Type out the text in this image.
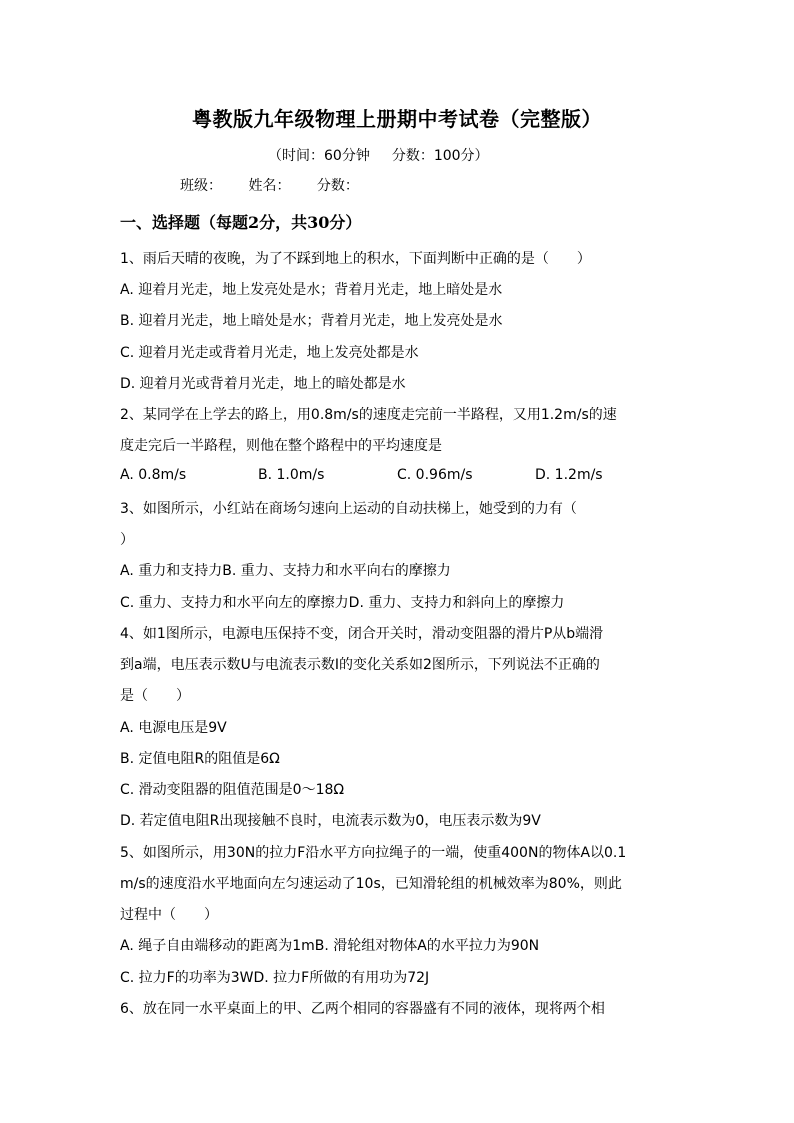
粤教版九年级物理上册期中考试卷（完整版）
（时间：60分钟 分数：100分）
班级： 姓名： 分数：
一、选择题（每题2分，共30分）
1、雨后天晴的夜晚，为了不踩到地上的积水，下面判断中正确的是（　　）
A. 迎着月光走，地上发亮处是水；背着月光走，地上暗处是水
B. 迎着月光走，地上暗处是水；背着月光走，地上发亮处是水
C. 迎着月光走或背着月光走，地上发亮处都是水
D. 迎着月光或背着月光走，地上的暗处都是水
2、某同学在上学去的路上，用0.8m/s的速度走完前一半路程，又用1.2m/s的速
度走完后一半路程，则他在整个路程中的平均速度是
A. 0.8m/s	B. 1.0m/s	C. 0.96m/s	D. 1.2m/s
3、如图所示，小红站在商场匀速向上运动的自动扶梯上，她受到的力有（
）
A. 重力和支持力B. 重力、支持力和水平向右的摩擦力
C. 重力、支持力和水平向左的摩擦力D. 重力、支持力和斜向上的摩擦力
4、如1图所示，电源电压保持不变，闭合开关时，滑动变阻器的滑片P从b端滑
到a端，电压表示数U与电流表示数I的变化关系如2图所示，下列说法不正确的
是（　　）
A. 电源电压是9V
B. 定值电阻R的阻值是6Ω
C. 滑动变阻器的阻值范围是0～18Ω
D. 若定值电阻R出现接触不良时，电流表示数为0，电压表示数为9V
5、如图所示，用30N的拉力F沿水平方向拉绳子的一端，使重400N的物体A以0.1
m/s的速度沿水平地面向左匀速运动了10s，已知滑轮组的机械效率为80%，则此
过程中（　　）
A. 绳子自由端移动的距离为1mB. 滑轮组对物体A的水平拉力为90N
C. 拉力F的功率为3WD. 拉力F所做的有用功为72J
6、放在同一水平桌面上的甲、乙两个相同的容器盛有不同的液体，现将两个相
